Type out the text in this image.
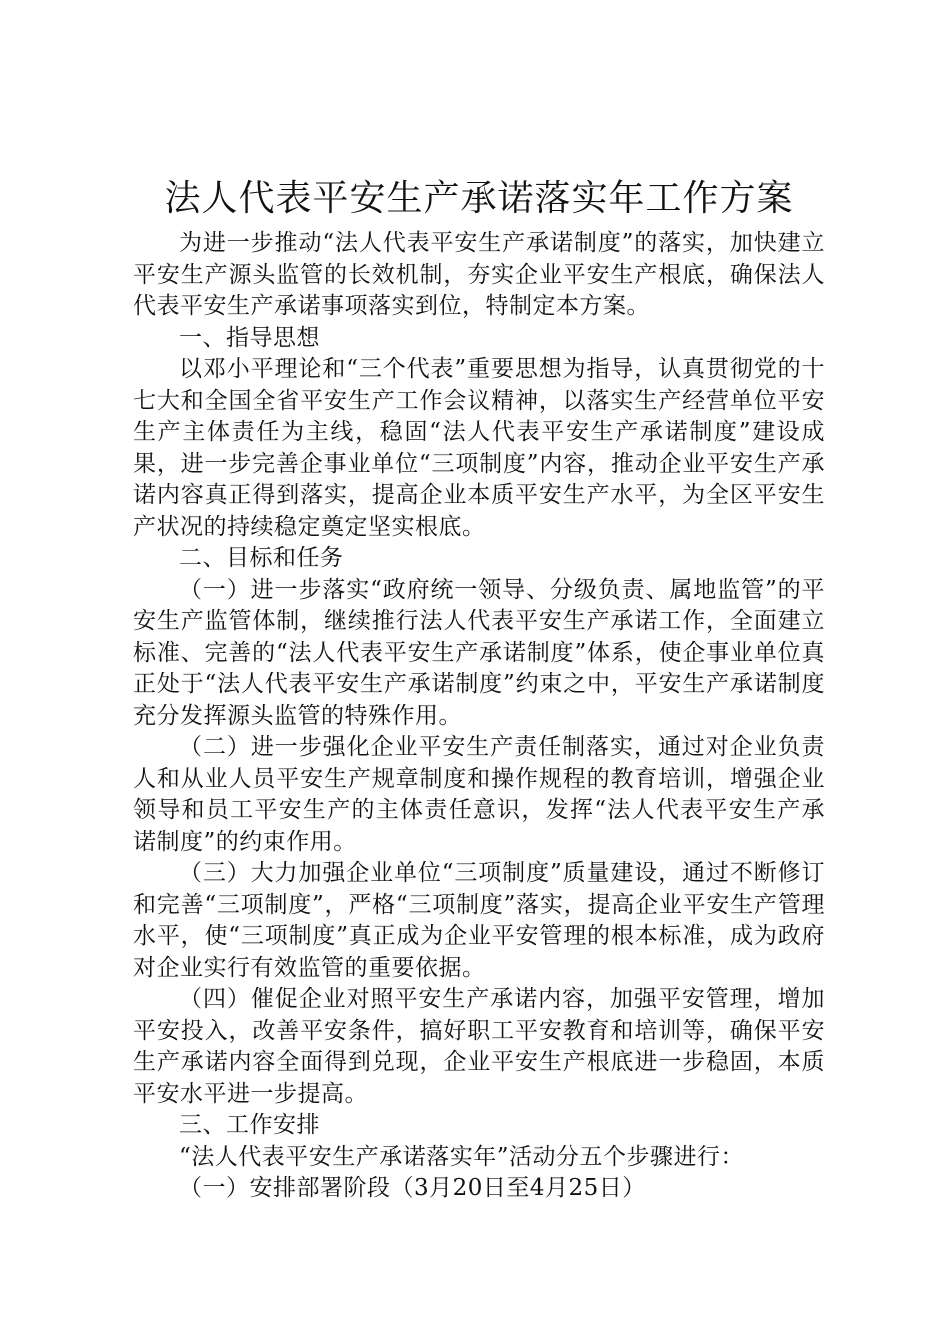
法人代表平安生产承诺落实年工作方案

为进一步推动“法人代表平安生产承诺制度”的落实，加快建立平安生产源头监管的长效机制，夯实企业平安生产根底，确保法人代表平安生产承诺事项落实到位，特制定本方案。

一、指导思想

以邓小平理论和“三个代表”重要思想为指导，认真贯彻党的十七大和全国全省平安生产工作会议精神，以落实生产经营单位平安生产主体责任为主线，稳固“法人代表平安生产承诺制度”建设成果，进一步完善企事业单位“三项制度”内容，推动企业平安生产承诺内容真正得到落实，提高企业本质平安生产水平，为全区平安生产状况的持续稳定奠定坚实根底。

二、目标和任务

（一）进一步落实“政府统一领导、分级负责、属地监管”的平安生产监管体制，继续推行法人代表平安生产承诺工作，全面建立标准、完善的“法人代表平安生产承诺制度”体系，使企事业单位真正处于“法人代表平安生产承诺制度”约束之中，平安生产承诺制度充分发挥源头监管的特殊作用。

（二）进一步强化企业平安生产责任制落实，通过对企业负责人和从业人员平安生产规章制度和操作规程的教育培训，增强企业领导和员工平安生产的主体责任意识，发挥“法人代表平安生产承诺制度”的约束作用。

（三）大力加强企业单位“三项制度”质量建设，通过不断修订和完善“三项制度”，严格“三项制度”落实，提高企业平安生产管理水平，使“三项制度”真正成为企业平安管理的根本标准，成为政府对企业实行有效监管的重要依据。

（四）催促企业对照平安生产承诺内容，加强平安管理，增加平安投入，改善平安条件，搞好职工平安教育和培训等，确保平安生产承诺内容全面得到兑现，企业平安生产根底进一步稳固，本质平安水平进一步提高。

三、工作安排

“法人代表平安生产承诺落实年”活动分五个步骤进行：

（一）安排部署阶段（3月20日至4月25日）
